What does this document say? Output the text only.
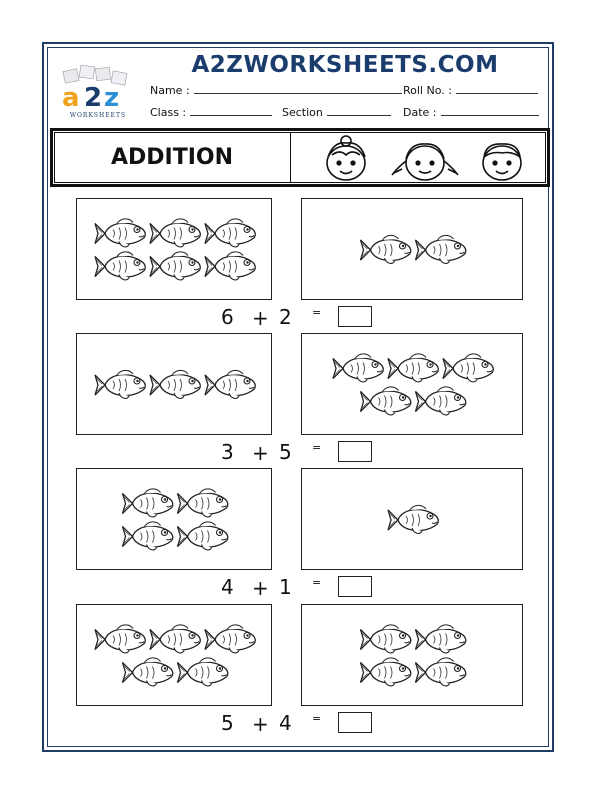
a 2 z
WORKSHEETS
A2ZWORKSHEETS.COM
Name :	Roll No. :
Class :	Section	Date :
ADDITION
6 + 2 =
3 + 5 =
4 + 1 =
5 + 4 =
